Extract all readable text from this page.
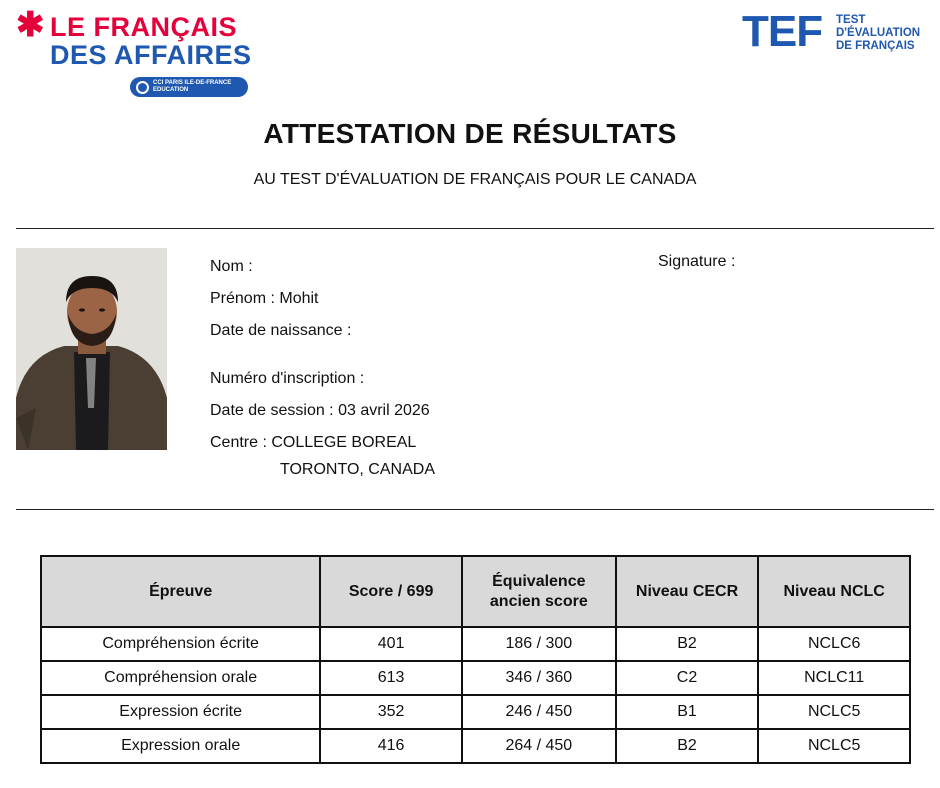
✱ LE FRANÇAIS
DES AFFAIRES
CCI PARIS ILE-DE-FRANCE
EDUCATION
TEF TEST
D'ÉVALUATION
DE FRANÇAIS
ATTESTATION DE RÉSULTATS
AU TEST D'ÉVALUATION DE FRANÇAIS POUR LE CANADA
Nom :
Prénom : Mohit
Date de naissance :
Numéro d'inscription :
Date de session : 03 avril 2026
Centre : COLLEGE BOREAL
TORONTO, CANADA
Signature :
Épreuve	Score / 699	Équivalence ancien score	Niveau CECR	Niveau NCLC
Compréhension écrite	401	186 / 300	B2	NCLC6
Compréhension orale	613	346 / 360	C2	NCLC11
Expression écrite	352	246 / 450	B1	NCLC5
Expression orale	416	264 / 450	B2	NCLC5
